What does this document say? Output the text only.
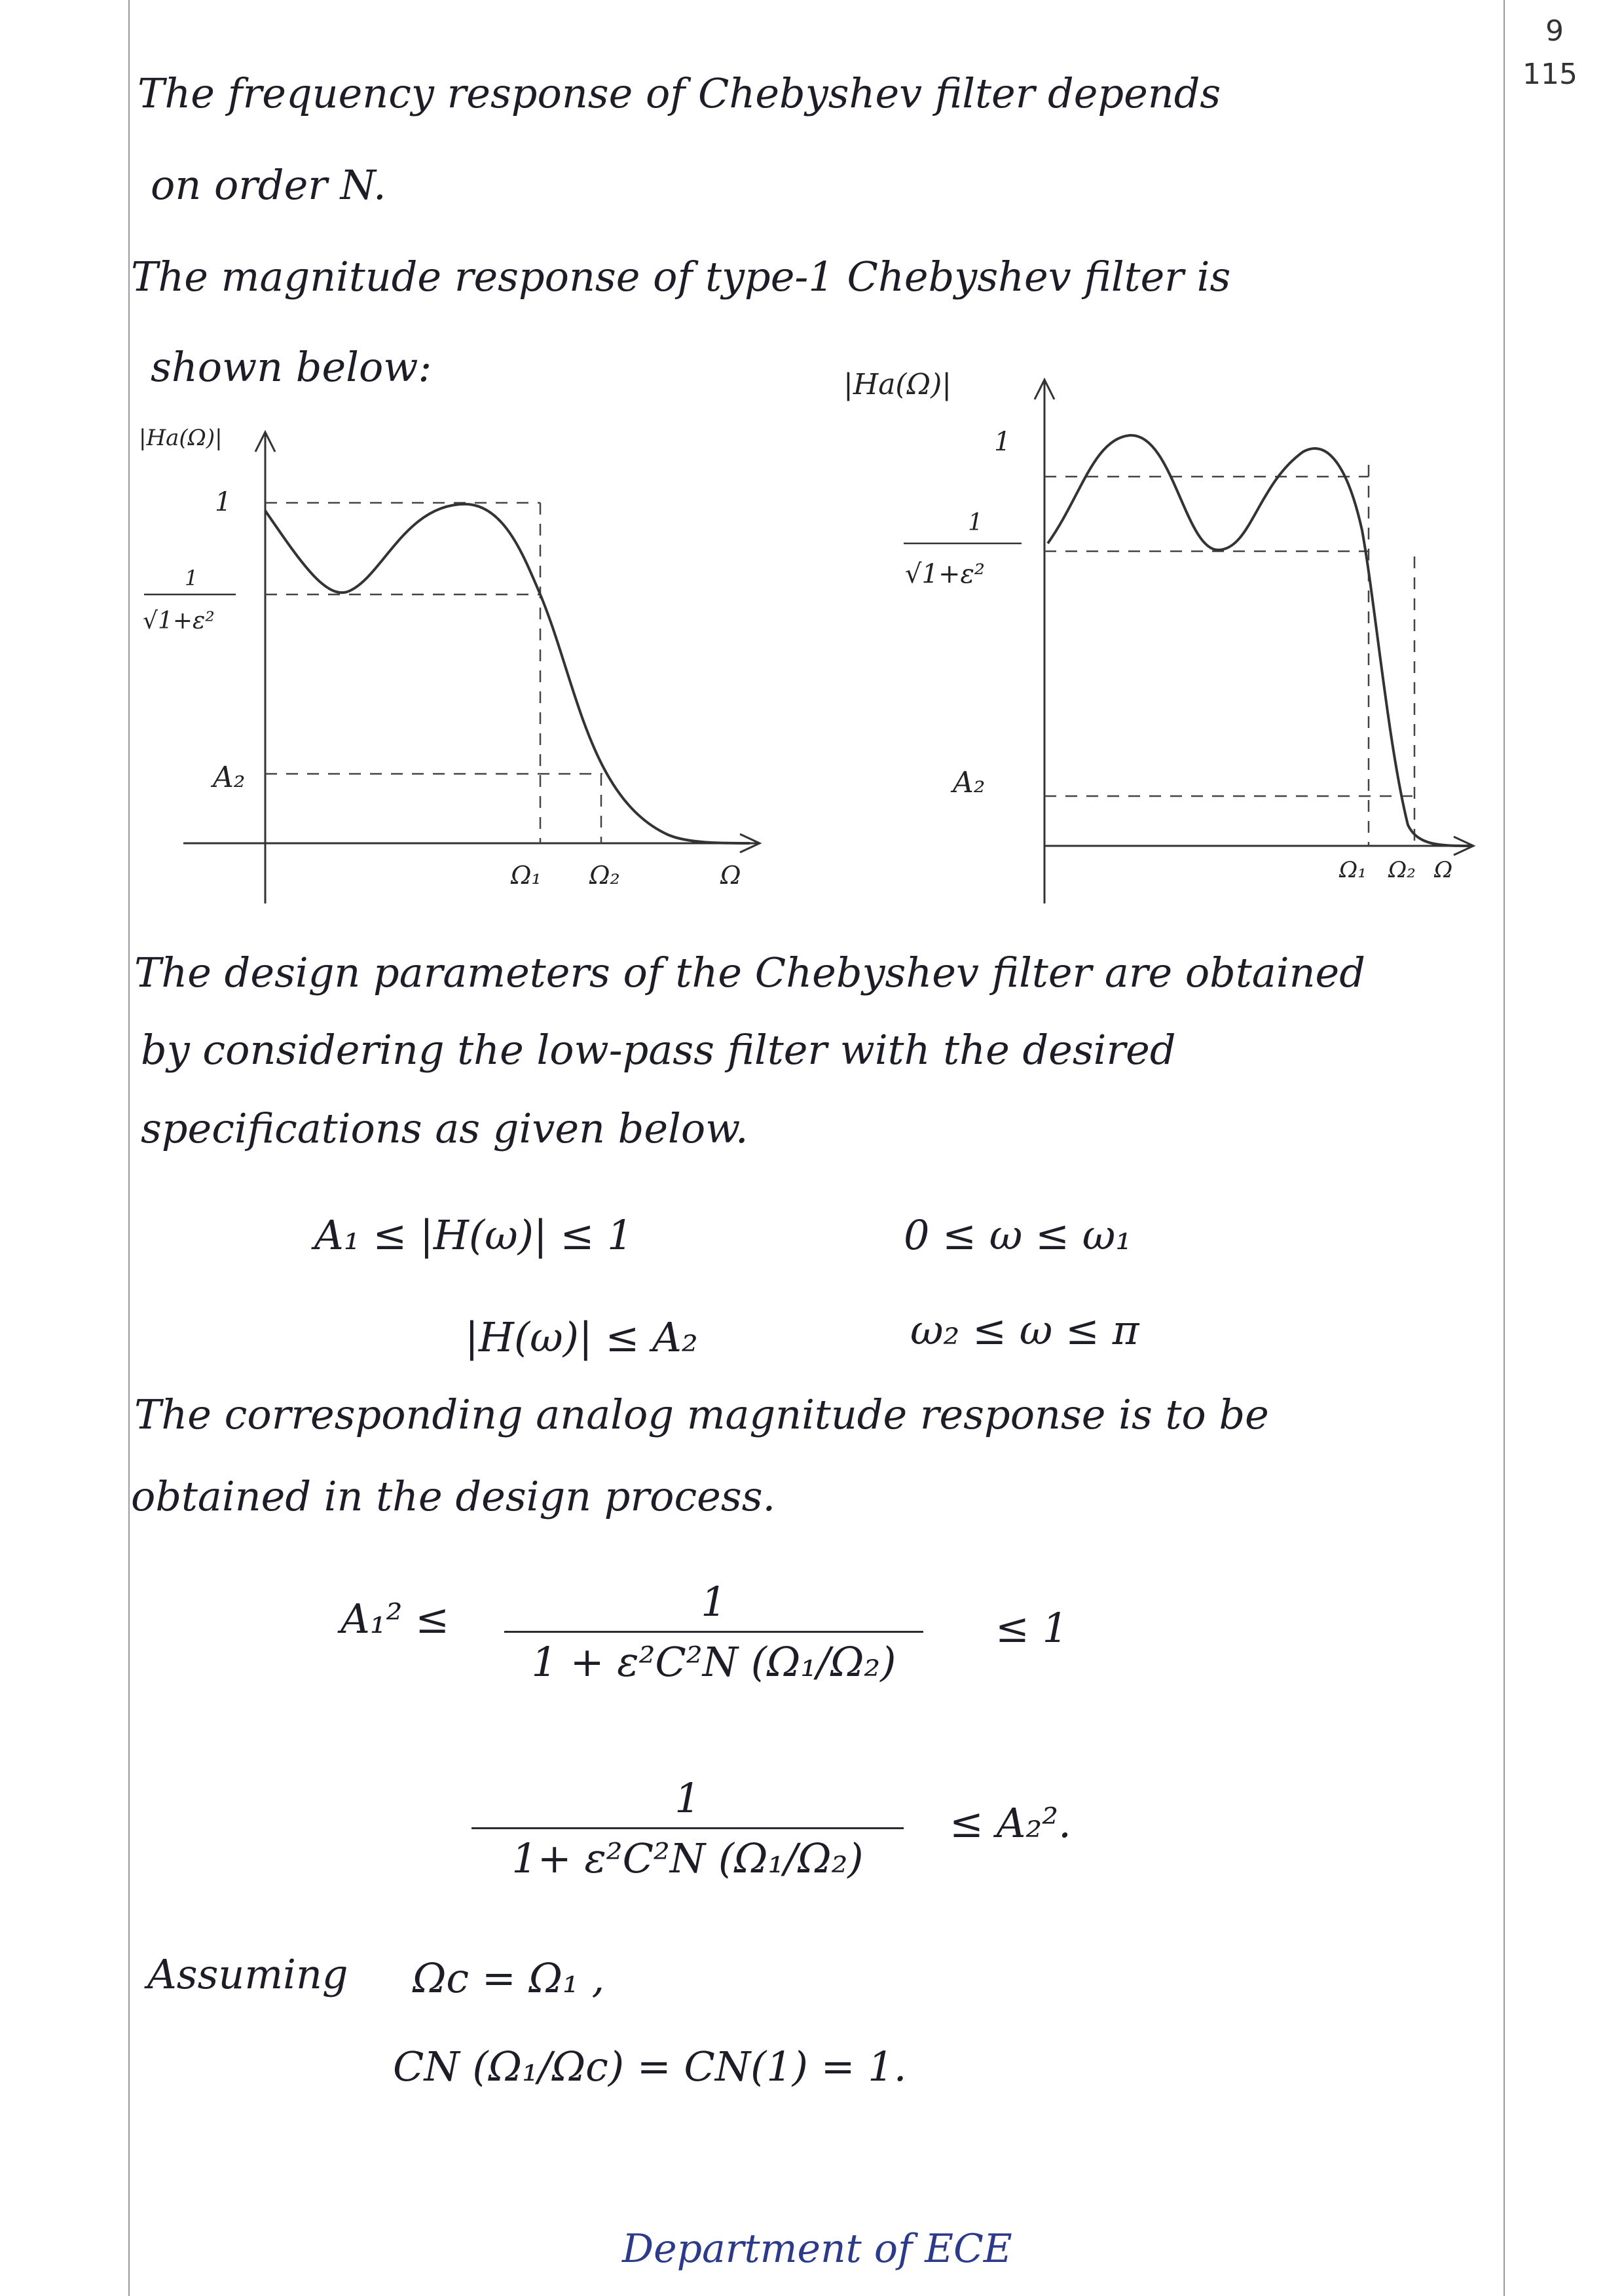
9
115
The frequency response of Chebyshev filter depends
on order N.
The magnitude response of type-1 Chebyshev filter is
shown below:
|Ha(Ω)|
1
1
√1+ε²
A₂
Ω₁ Ω₂	Ω
|Ha(Ω)|
1
1
√1+ε²
A₂
Ω₁ Ω₂ Ω
The design parameters of the Chebyshev filter are obtained
by considering the low-pass filter with the desired
specifications as given below.
A₁ ≤ |H(ω)| ≤ 1	0 ≤ ω ≤ ω₁
|H(ω)| ≤ A₂	ω₂ ≤ ω ≤ π
The corresponding analog magnitude response is to be
obtained in the design process.
A₁² ≤	1
1 + ε²C²N (Ω₁/Ω₂)
≤ 1
1
1+ ε²C²N (Ω₁/Ω₂)
≤ A₂².
Assuming Ωc = Ω₁ ,
CN (Ω₁/Ωc) = CN(1) = 1.
Department of ECE
